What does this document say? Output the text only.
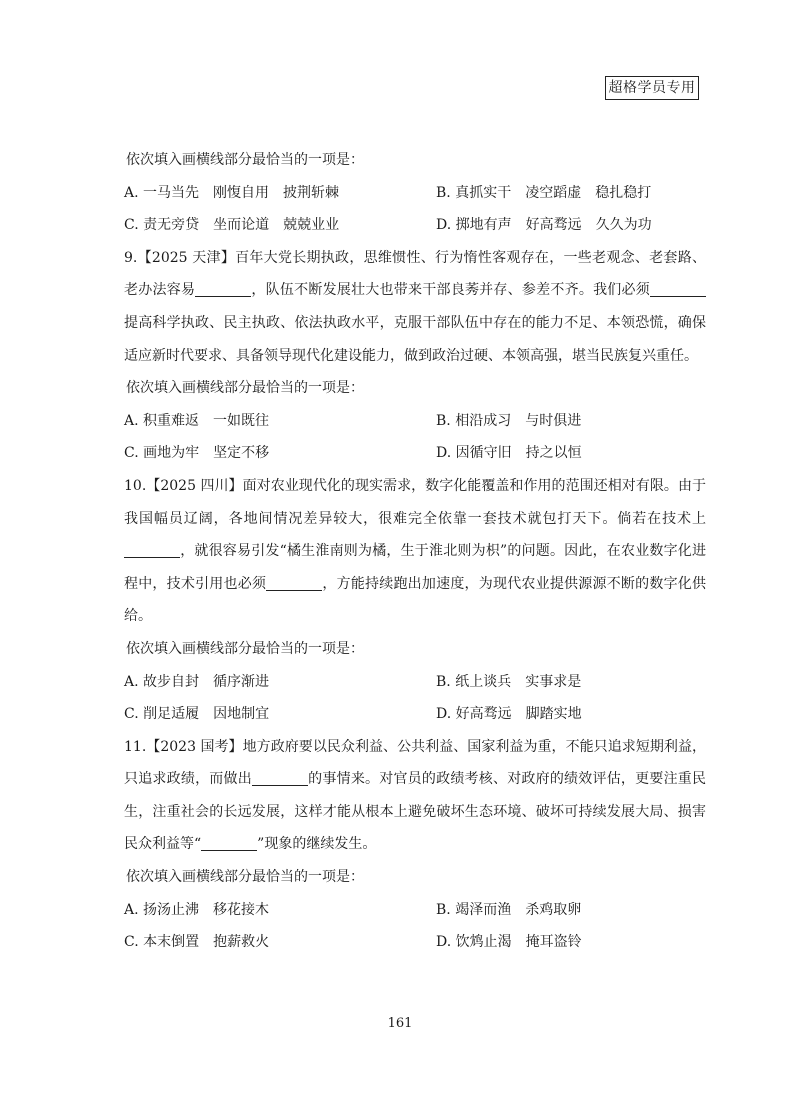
超格学员专用

依次填入画横线部分最恰当的一项是：

A. 一马当先 刚愎自用 披荆斩棘	B. 真抓实干 凌空蹈虚 稳扎稳打
C. 责无旁贷 坐而论道 兢兢业业	D. 掷地有声 好高骛远 久久为功

9.【2025 天津】百年大党长期执政，思维惯性、行为惰性客观存在，一些老观念、老套路、老办法容易	，队伍不断发展壮大也带来干部良莠并存、参差不齐。我们必须提高科学执政、民主执政、依法执政水平，克服干部队伍中存在的能力不足、本领恐慌，确保适应新时代要求、具备领导现代化建设能力，做到政治过硬、本领高强，堪当民族复兴重任。

依次填入画横线部分最恰当的一项是：

A. 积重难返 一如既往	B. 相沿成习 与时俱进
C. 画地为牢 坚定不移	D. 因循守旧 持之以恒

10.【2025 四川】面对农业现代化的现实需求，数字化能覆盖和作用的范围还相对有限。由于我国幅员辽阔，各地间情况差异较大，很难完全依靠一套技术就包打天下。倘若在技术上，就很容易引发“橘生淮南则为橘，生于淮北则为枳”的问题。因此，在农业数字化进程中，技术引用也必须	，方能持续跑出加速度，为现代农业提供源源不断的数字化供给。

依次填入画横线部分最恰当的一项是：

A. 故步自封 循序渐进	B. 纸上谈兵 实事求是
C. 削足适履 因地制宜	D. 好高骛远 脚踏实地

11.【2023 国考】地方政府要以民众利益、公共利益、国家利益为重，不能只追求短期利益，只追求政绩，而做出	的事情来。对官员的政绩考核、对政府的绩效评估，更要注重民生，注重社会的长远发展，这样才能从根本上避免破坏生态环境、破坏可持续发展大局、损害民众利益等“	”现象的继续发生。

依次填入画横线部分最恰当的一项是：

A. 扬汤止沸 移花接木	B. 竭泽而渔 杀鸡取卵
C. 本末倒置 抱薪救火	D. 饮鸩止渴 掩耳盗铃
161
